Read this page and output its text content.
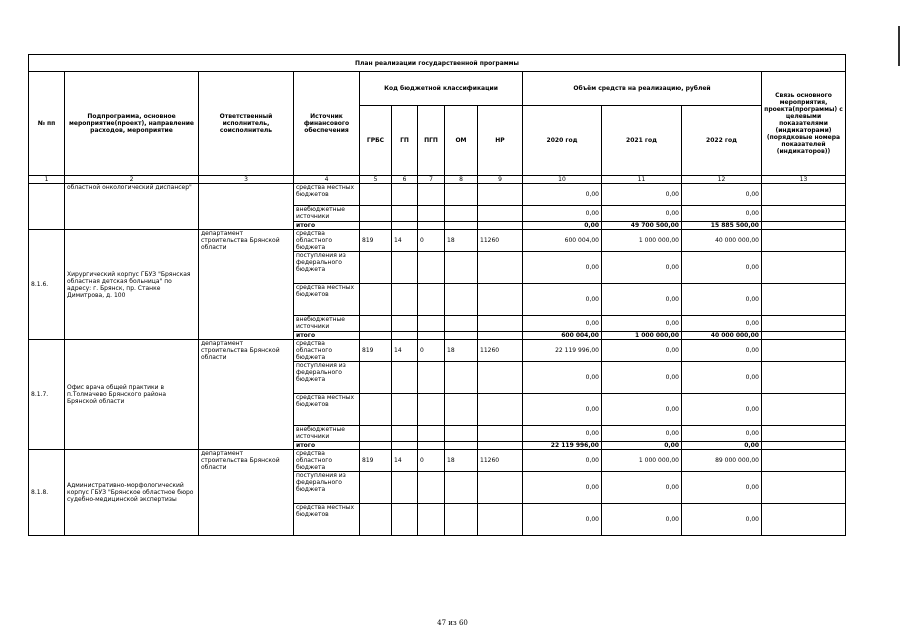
План реализации государственной программы												
№ пп	Подпрограмма, основное мероприятие(проект), направление расходов, мероприятие	Ответственный исполнитель, соисполнитель	Источник финансового обеспечения	Код бюджетной классификации					Объём средств на реализацию, рублей			Связь основного мероприятия, проекта(программы) с целевыми показателями (индикаторами) (порядковые номера показателей (индикаторов))
				ГРБС	ГП	ПГП	ОМ	НР	2020 год	2021 год	2022 год	
1	2	3	4	5	6	7	8	9	10	11	12	13
	областной онкологический диспансер"		средства местных бюджетов						0,00	0,00	0,00	
			внебюджетные источники						0,00	0,00	0,00	
			итого						0,00	49 700 500,00	15 885 500,00	
8.1.6.	Хирургический корпус ГБУЗ "Брянская областная детская больница" по адресу: г. Брянск, пр. Станке Димитрова, д. 100	департамент строительства Брянской области	средства областного бюджета	819	14	0	18	11260	600 004,00	1 000 000,00	40 000 000,00	
			поступления из федерального бюджета						0,00	0,00	0,00	
			средства местных бюджетов						0,00	0,00	0,00	
			внебюджетные источники						0,00	0,00	0,00	
			итого						600 004,00	1 000 000,00	40 000 000,00	
8.1.7.	Офис врача общей практики в п.Толмачево Брянского района Брянской области	департамент строительства Брянской области	средства областного бюджета	819	14	0	18	11260	22 119 996,00	0,00	0,00	
			поступления из федерального бюджета						0,00	0,00	0,00	
			средства местных бюджетов						0,00	0,00	0,00	
			внебюджетные источники						0,00	0,00	0,00	
			итого						22 119 996,00	0,00	0,00	
8.1.8.	Административно-морфологический корпус ГБУЗ "Брянское областное бюро судебно-медицинской экспертизы	департамент строительства Брянской области	средства областного бюджета	819	14	0	18	11260	0,00	1 000 000,00	89 000 000,00	
			поступления из федерального бюджета						0,00	0,00	0,00	
			средства местных бюджетов						0,00	0,00	0,00	
47 из 60
